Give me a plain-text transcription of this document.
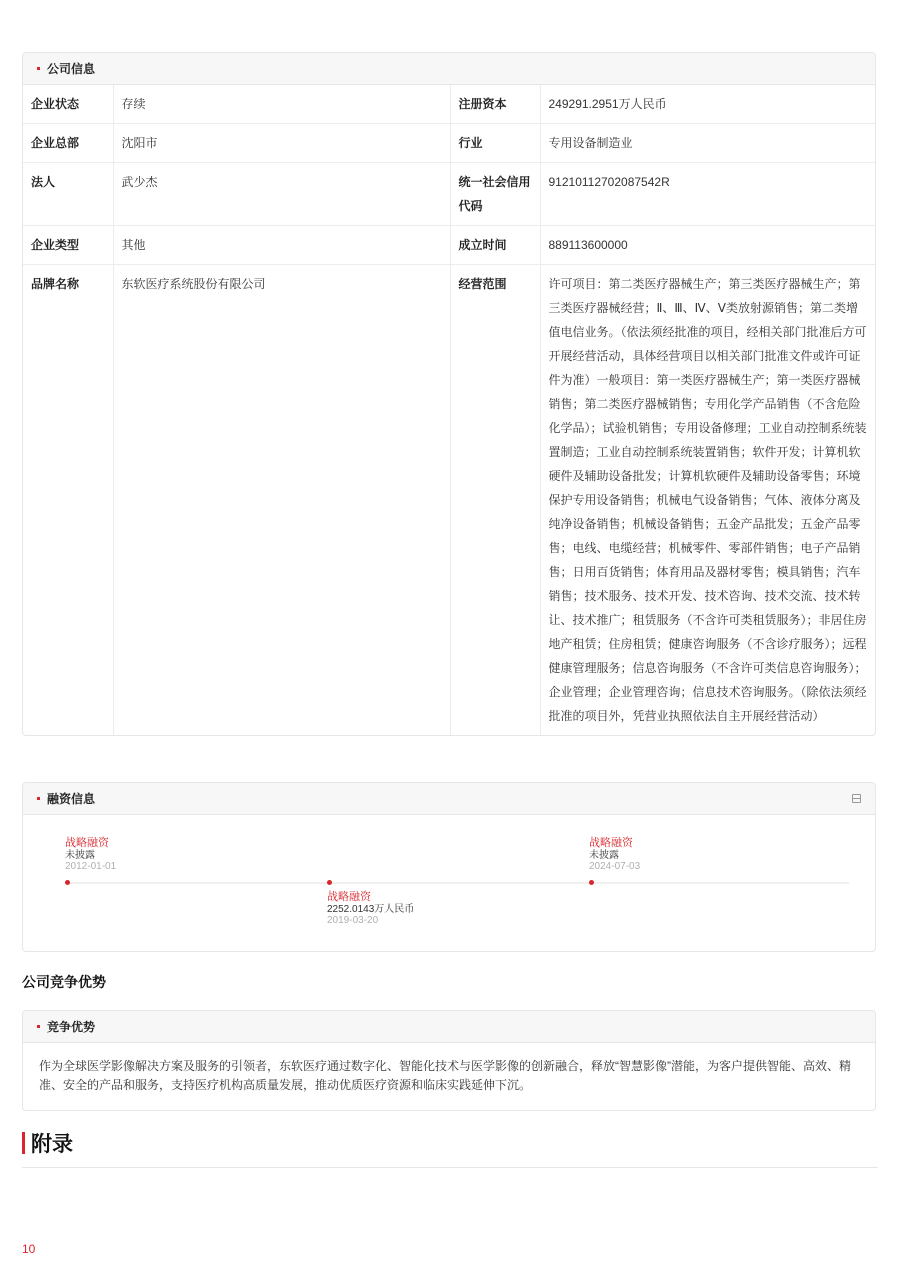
公司信息
企业状态	存续	注册资本	249291.2951万人民币
企业总部	沈阳市	行业	专用设备制造业
法人	武少杰	统一社会信用代码	91210112702087542R
企业类型	其他	成立时间	889113600000
品牌名称	东软医疗系统股份有限公司	经营范围	许可项目：第二类医疗器械生产；第三类医疗器械生产；第三类医疗器械经营；Ⅱ、Ⅲ、Ⅳ、Ⅴ类放射源销售；第二类增值电信业务。（依法须经批准的项目，经相关部门批准后方可开展经营活动，具体经营项目以相关部门批准文件或许可证件为准）一般项目：第一类医疗器械生产；第一类医疗器械销售；第二类医疗器械销售；专用化学产品销售（不含危险化学品）；试验机销售；专用设备修理；工业自动控制系统装置制造；工业自动控制系统装置销售；软件开发；计算机软硬件及辅助设备批发；计算机软硬件及辅助设备零售；环境保护专用设备销售；机械电气设备销售；气体、液体分离及纯净设备销售；机械设备销售；五金产品批发；五金产品零售；电线、电缆经营；机械零件、零部件销售；电子产品销售；日用百货销售；体育用品及器材零售；模具销售；汽车销售；技术服务、技术开发、技术咨询、技术交流、技术转让、技术推广；租赁服务（不含许可类租赁服务）；非居住房地产租赁；住房租赁；健康咨询服务（不含诊疗服务）；远程健康管理服务；信息咨询服务（不含许可类信息咨询服务）；企业管理；企业管理咨询；信息技术咨询服务。（除依法须经批准的项目外，凭营业执照依法自主开展经营活动）
融资信息
战略融资
未披露
2012-01-01
战略融资
2252.0143万人民币
2019-03-20
战略融资
未披露
2024-07-03
公司竞争优势
竞争优势
作为全球医学影像解决方案及服务的引领者，东软医疗通过数字化、智能化技术与医学影像的创新融合，释放“智慧影像”潜能，为客户提供智能、高效、精准、安全的产品和服务，支持医疗机构高质量发展，推动优质医疗资源和临床实践延伸下沉。
附录
10
